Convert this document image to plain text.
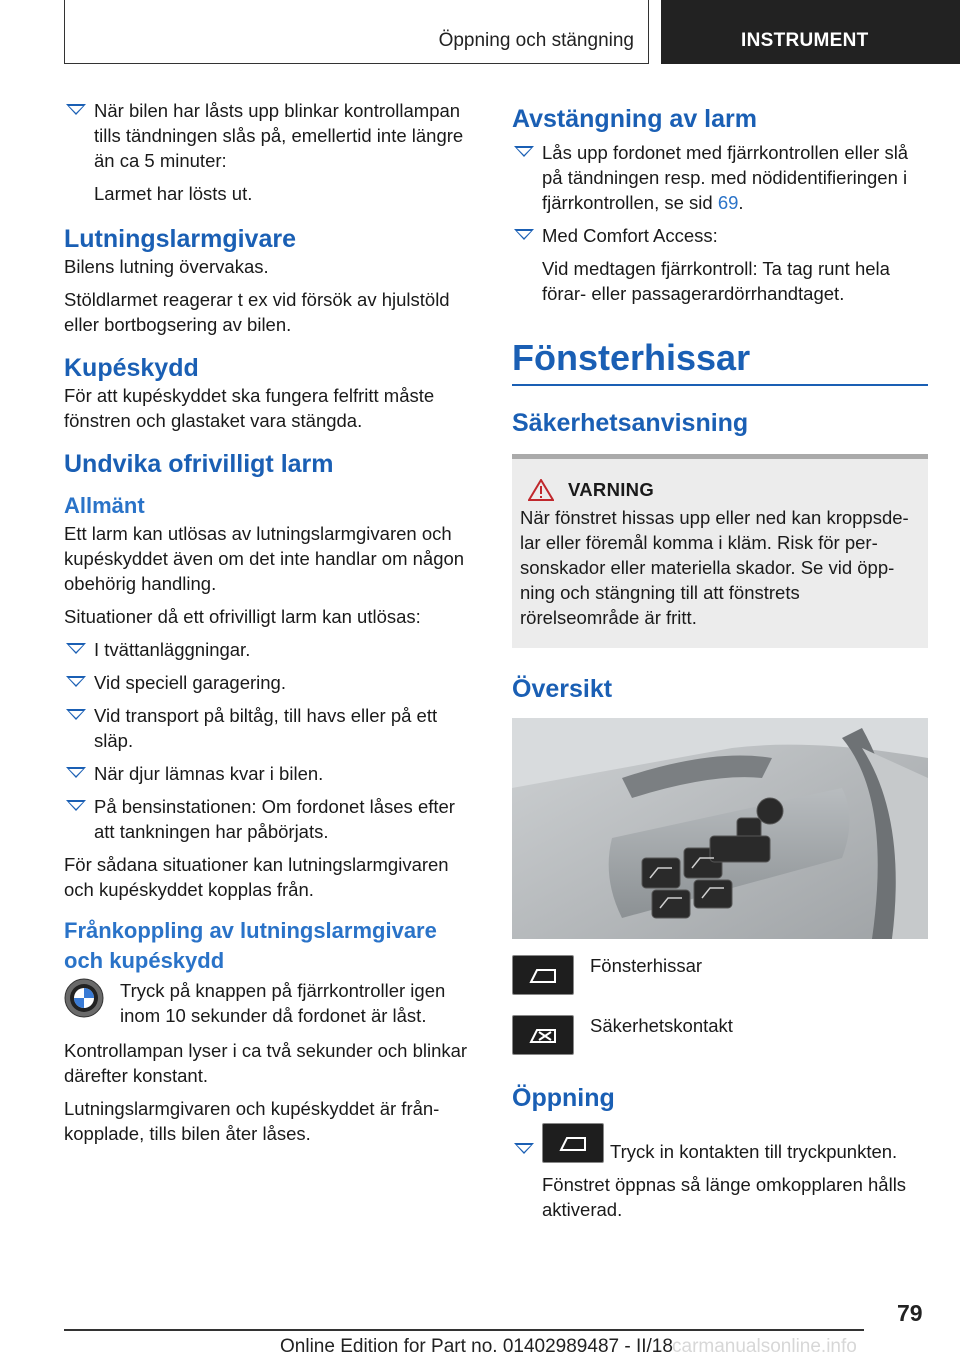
Öppning och stängning	INSTRUMENT

När bilen har låsts upp blinkar kontrollampan tills tändningen slås på, emellertid inte längre än ca 5 minuter:

Larmet har lösts ut.

Lutningslarmgivare

Bilens lutning övervakas.

Stöldlarmet reagerar t ex vid försök av hjulstöld eller bortbogsering av bilen.

Kupéskydd

För att kupéskyddet ska fungera felfritt måste fönstren och glastaket vara stängda.

Undvika ofrivilligt larm
Allmänt

Ett larm kan utlösas av lutningslarmgivaren och kupéskyddet även om det inte handlar om någon obehörig handling.

Situationer då ett ofrivilligt larm kan utlösas:

I tvättanläggningar.

Vid speciell garagering.

Vid transport på biltåg, till havs eller på ett släp.

När djur lämnas kvar i bilen.

På bensinstationen: Om fordonet låses efter att tankningen har påbörjats.

För sådana situationer kan lutningslarmgivaren och kupéskyddet kopplas från.

Frånkoppling av lutningslarmgivare och kupéskydd

Tryck på knappen på fjärrkontroller igen inom 10 sekunder då fordonet är låst.

Kontrollampan lyser i ca två sekunder och blinkar därefter konstant.

Lutningslarmgivaren och kupéskyddet är från-kopplade, tills bilen åter låses.

Avstängning av larm

Lås upp fordonet med fjärrkontrollen eller slå på tändningen resp. med nödidentifieringen i fjärrkontrollen, se sid 69.

Med Comfort Access:

Vid medtagen fjärrkontroll: Ta tag runt hela förar- eller passagerardörrhandtaget.

Fönsterhissar
Säkerhetsanvisning
VARNING

När fönstret hissas upp eller ned kan kroppsde-lar eller föremål komma i kläm. Risk för per-sonskador eller materiella skador. Se vid öpp-ning och stängning till att fönstrets rörelseområde är fritt.

Översikt

Fönsterhissar

Säkerhetskontakt

Öppning

Tryck in kontakten till tryckpunkten.

Fönstret öppnas så länge omkopplaren hålls aktiverad.

79
Online Edition for Part no. 01402989487 - II/18 carmanualsonline.info
